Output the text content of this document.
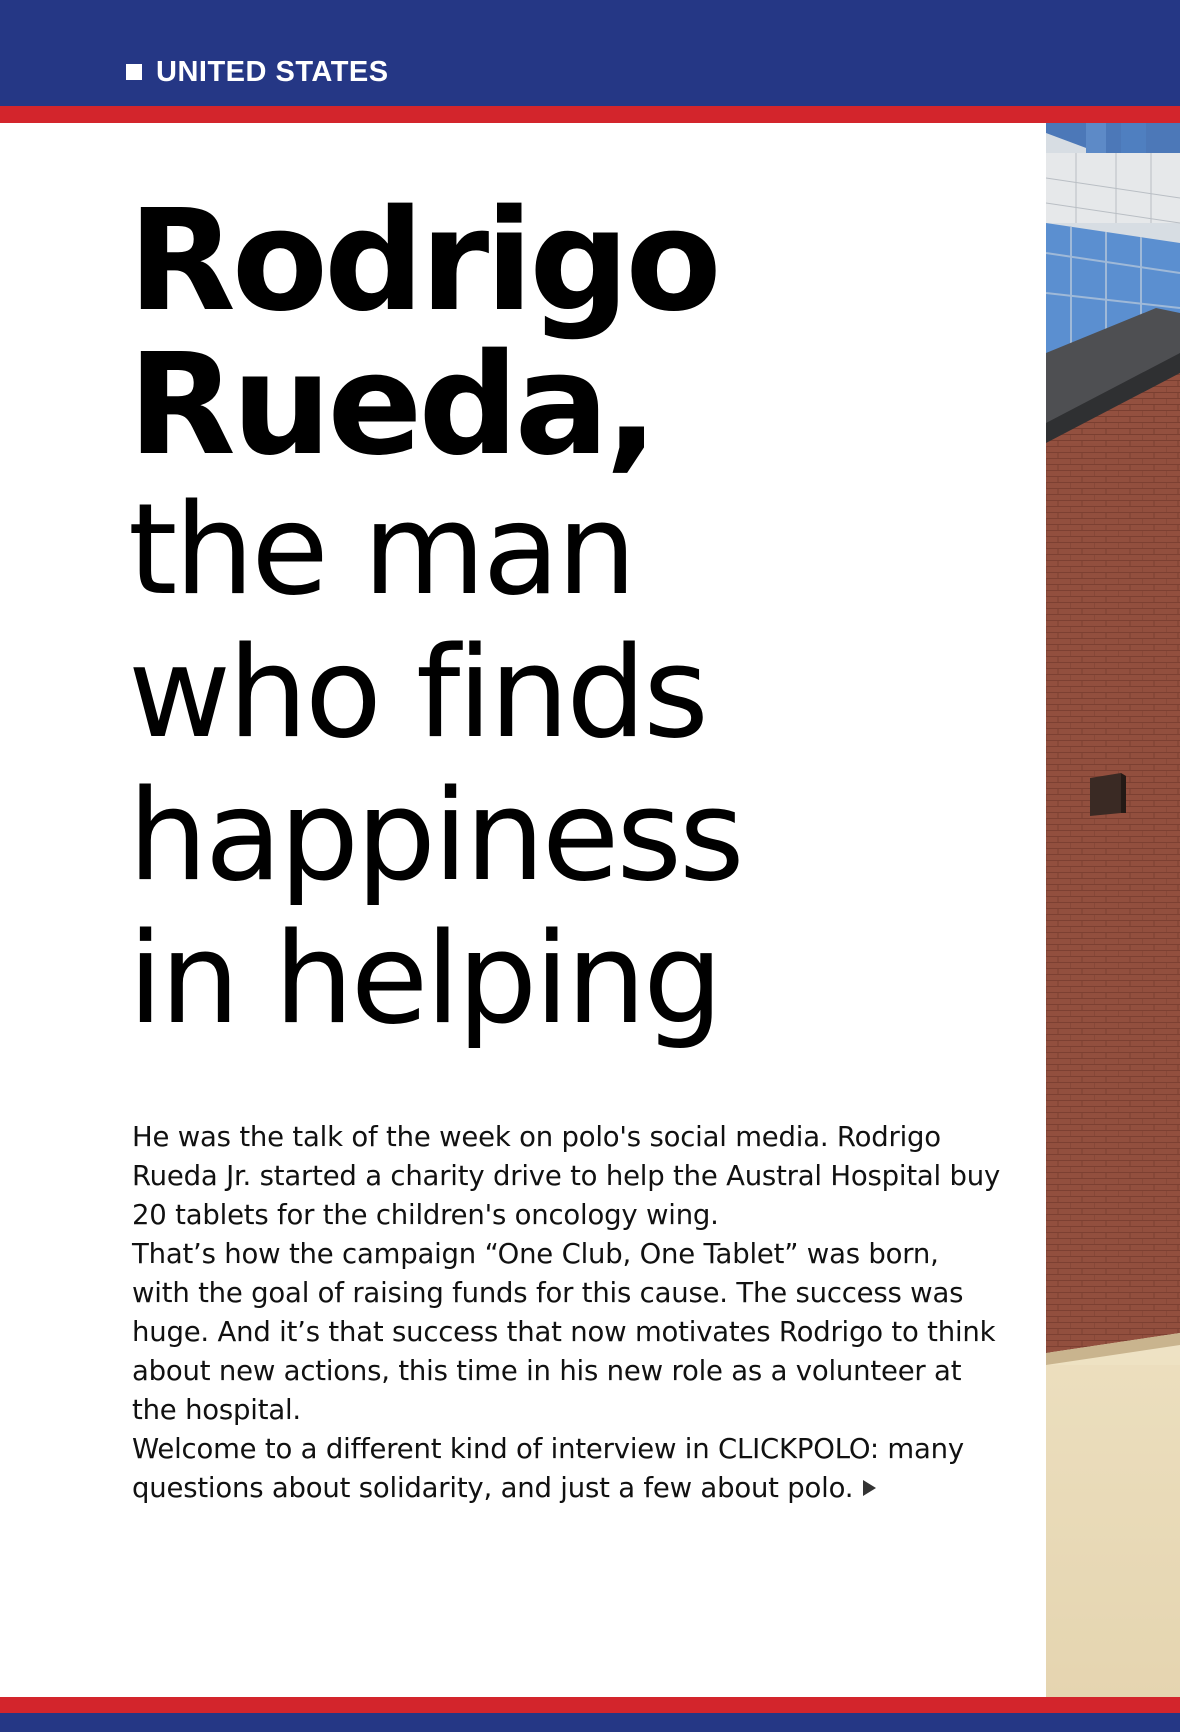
UNITED STATES
Rodrigo
Rueda,
the man
who finds
happiness
in helping

He was the talk of the week on polo's social media. Rodrigo Rueda Jr. started a charity drive to help the Austral Hospital buy 20 tablets for the children's oncology wing.

That’s how the campaign “One Club, One Tablet” was born, with the goal of raising funds for this cause. The success was huge. And it’s that success that now motivates Rodrigo to think about new actions, this time in his new role as a volunteer at the hospital.

Welcome to a different kind of interview in CLICKPOLO: many questions about solidarity, and just a few about polo.
